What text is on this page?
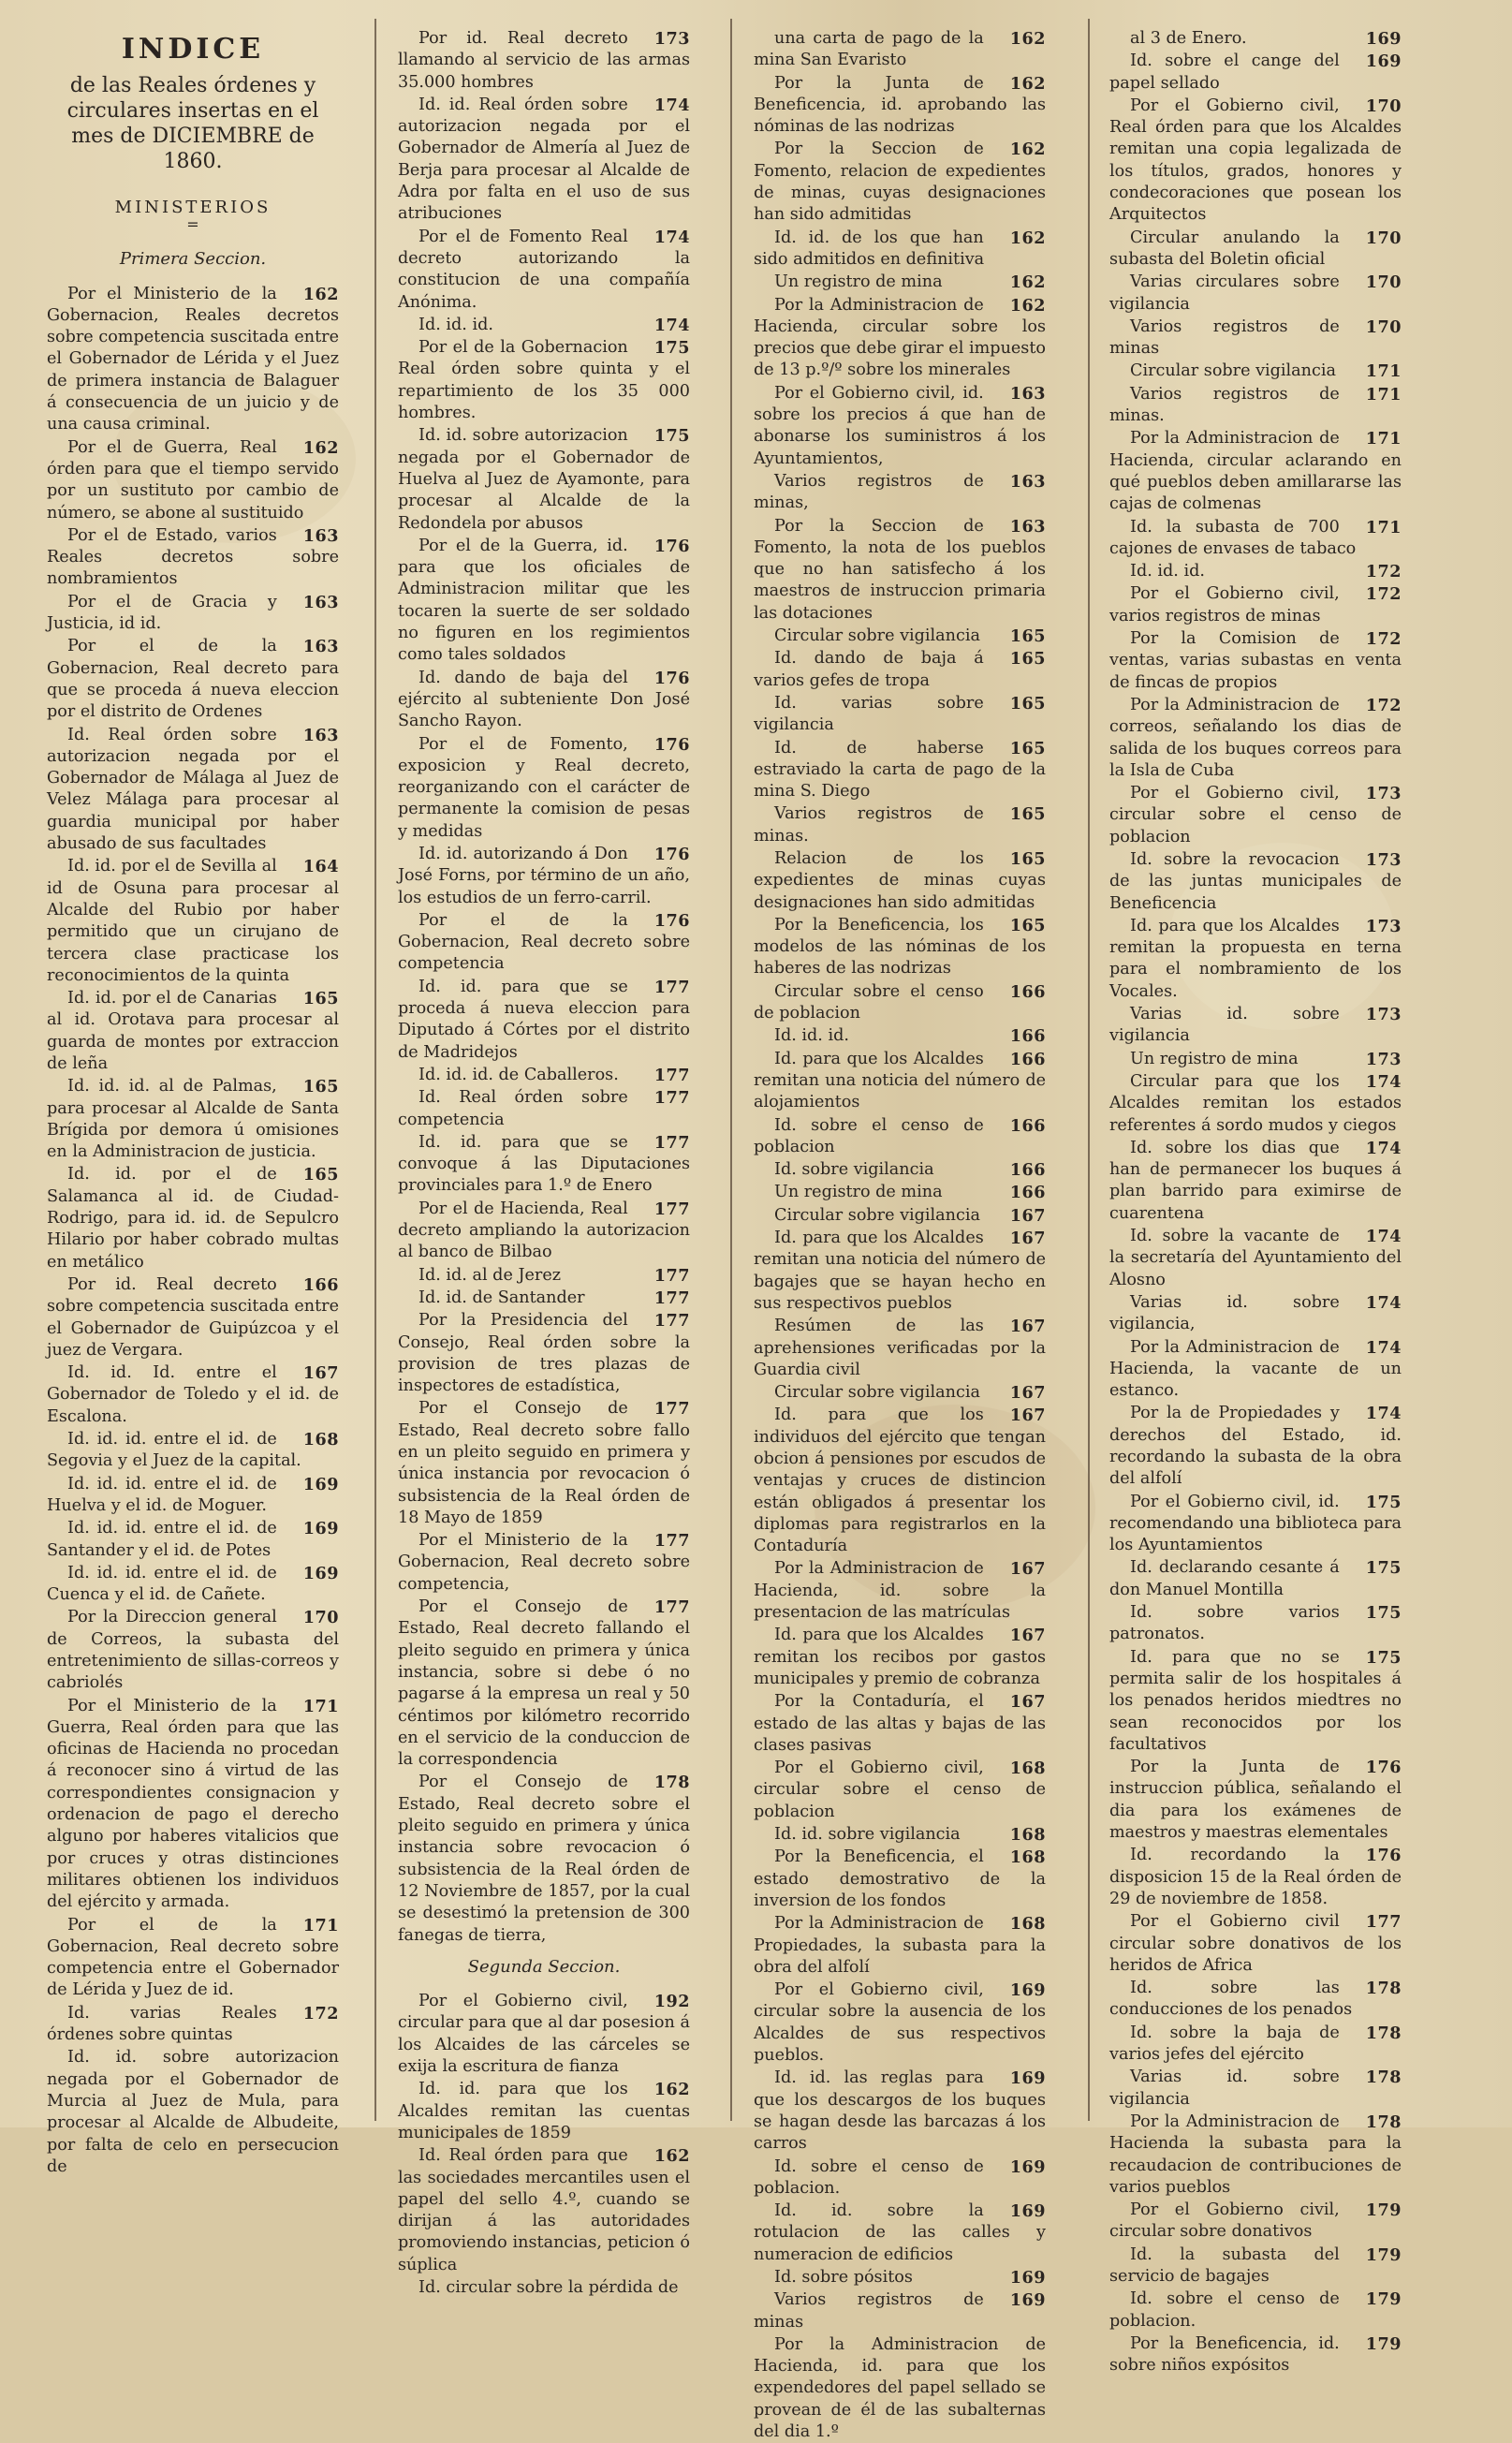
INDICE
de las Reales órdenes y circulares insertas en el mes de DICIEMBRE de 1860.
MINISTERIOS
=
Primera Seccion.
162
Por el Ministerio de la Gobernacion, Reales decretos sobre competencia suscitada entre el Gobernador de Lérida y el Juez de primera instancia de Balaguer á consecuencia de un juicio y de una causa criminal.
162
Por el de Guerra, Real órden para que el tiempo servido por un sustituto por cambio de número, se abone al sustituido
163
Por el de Estado, varios Reales decretos sobre nombramientos
163
Por el de Gracia y Justicia, id id.
163
Por el de la Gobernacion, Real decreto para que se proceda á nueva eleccion por el distrito de Ordenes
163
Id. Real órden sobre autorizacion negada por el Gobernador de Málaga al Juez de Velez Málaga para procesar al guardia municipal por haber abusado de sus facultades
164
Id. id. por el de Sevilla al id de Osuna para procesar al Alcalde del Rubio por haber permitido que un cirujano de tercera clase practicase los reconocimientos de la quinta
165
Id. id. por el de Canarias al id. Orotava para procesar al guarda de montes por extraccion de leña
165
Id. id. id. al de Palmas, para procesar al Alcalde de Santa Brígida por demora ú omisiones en la Administracion de justicia.
165
Id. id. por el de Salamanca al id. de Ciudad-Rodrigo, para id. id. de Sepulcro Hilario por haber cobrado multas en metálico
166
Por id. Real decreto sobre competencia suscitada entre el Gobernador de Guipúzcoa y el juez de Vergara.
167
Id. id. Id. entre el Gobernador de Toledo y el id. de Escalona.
168
Id. id. id. entre el id. de Segovia y el Juez de la capital.
169
Id. id. id. entre el id. de Huelva y el id. de Moguer.
169
Id. id. id. entre el id. de Santander y el id. de Potes
169
Id. id. id. entre el id. de Cuenca y el id. de Cañete.
170
Por la Direccion general de Correos, la subasta del entretenimiento de sillas-correos y cabriolés
171
Por el Ministerio de la Guerra, Real órden para que las oficinas de Hacienda no procedan á reconocer sino á virtud de las correspondientes consignacion y ordenacion de pago el derecho alguno por haberes vitalicios que por cruces y otras distinciones militares obtienen los individuos del ejército y armada.
171
Por el de la Gobernacion, Real decreto sobre competencia entre el Gobernador de Lérida y Juez de id.
172
Id. varias Reales órdenes sobre quintas
Id. id. sobre autorizacion negada por el Gobernador de Murcia al Juez de Mula, para procesar al Alcalde de Albudeite, por falta de celo en persecucion de
173
Por id. Real decreto llamando al servicio de las armas 35.000 hombres
174
Id. id. Real órden sobre autorizacion negada por el Gobernador de Almería al Juez de Berja para procesar al Alcalde de Adra por falta en el uso de sus atribuciones
174
Por el de Fomento Real decreto autorizando la constitucion de una compañía Anónima.
174
Id. id. id.
175
Por el de la Gobernacion Real órden sobre quinta y el repartimiento de los 35 000 hombres.
175
Id. id. sobre autorizacion negada por el Gobernador de Huelva al Juez de Ayamonte, para procesar al Alcalde de la Redondela por abusos
176
Por el de la Guerra, id. para que los oficiales de Administracion militar que les tocaren la suerte de ser soldado no figuren en los regimientos como tales soldados
176
Id. dando de baja del ejército al subteniente Don José Sancho Rayon.
176
Por el de Fomento, exposicion y Real decreto, reorganizando con el carácter de permanente la comision de pesas y medidas
176
Id. id. autorizando á Don José Forns, por término de un año, los estudios de un ferro-carril.
176
Por el de la Gobernacion, Real decreto sobre competencia
177
Id. id. para que se proceda á nueva eleccion para Diputado á Córtes por el distrito de Madridejos
177
Id. id. id. de Caballeros.
177
Id. Real órden sobre competencia
177
Id. id. para que se convoque á las Diputaciones provinciales para 1.º de Enero
177
Por el de Hacienda, Real decreto ampliando la autorizacion al banco de Bilbao
177
Id. id. al de Jerez
177
Id. id. de Santander
177
Por la Presidencia del Consejo, Real órden sobre la provision de tres plazas de inspectores de estadística,
177
Por el Consejo de Estado, Real decreto sobre fallo en un pleito seguido en primera y única instancia por revocacion ó subsistencia de la Real órden de 18 Mayo de 1859
177
Por el Ministerio de la Gobernacion, Real decreto sobre competencia,
177
Por el Consejo de Estado, Real decreto fallando el pleito seguido en primera y única instancia, sobre si debe ó no pagarse á la empresa un real y 50 céntimos por kilómetro recorrido en el servicio de la conduccion de la correspondencia
178
Por el Consejo de Estado, Real decreto sobre el pleito seguido en primera y única instancia sobre revocacion ó subsistencia de la Real órden de 12 Noviembre de 1857, por la cual se desestimó la pretension de 300 fanegas de tierra,
Segunda Seccion.
192
Por el Gobierno civil, circular para que al dar posesion á los Alcaides de las cárceles se exija la escritura de fianza
162
Id. id. para que los Alcaldes remitan las cuentas municipales de 1859
162
Id. Real órden para que las sociedades mercantiles usen el papel del sello 4.º, cuando se dirijan á las autoridades promoviendo instancias, peticion ó súplica
Id. circular sobre la pérdida de
162
una carta de pago de la mina San Evaristo
162
Por la Junta de Beneficencia, id. aprobando las nóminas de las nodrizas
162
Por la Seccion de Fomento, relacion de expedientes de minas, cuyas designaciones han sido admitidas
162
Id. id. de los que han sido admitidos en definitiva
162
Un registro de mina
162
Por la Administracion de Hacienda, circular sobre los precios que debe girar el impuesto de 13 p.º/º sobre los minerales
163
Por el Gobierno civil, id. sobre los precios á que han de abonarse los suministros á los Ayuntamientos,
163
Varios registros de minas,
163
Por la Seccion de Fomento, la nota de los pueblos que no han satisfecho á los maestros de instruccion primaria las dotaciones
165
Circular sobre vigilancia
165
Id. dando de baja á varios gefes de tropa
165
Id. varias sobre vigilancia
165
Id. de haberse estraviado la carta de pago de la mina S. Diego
165
Varios registros de minas.
165
Relacion de los expedientes de minas cuyas designaciones han sido admitidas
165
Por la Beneficencia, los modelos de las nóminas de los haberes de las nodrizas
166
Circular sobre el censo de poblacion
166
Id. id. id.
166
Id. para que los Alcaldes remitan una noticia del número de alojamientos
166
Id. sobre el censo de poblacion
166
Id. sobre vigilancia
166
Un registro de mina
167
Circular sobre vigilancia
167
Id. para que los Alcaldes remitan una noticia del número de bagajes que se hayan hecho en sus respectivos pueblos
167
Resúmen de las aprehensiones verificadas por la Guardia civil
167
Circular sobre vigilancia
167
Id. para que los individuos del ejército que tengan obcion á pensiones por escudos de ventajas y cruces de distincion están obligados á presentar los diplomas para registrarlos en la Contaduría
167
Por la Administracion de Hacienda, id. sobre la presentacion de las matrículas
167
Id. para que los Alcaldes remitan los recibos por gastos municipales y premio de cobranza
167
Por la Contaduría, el estado de las altas y bajas de las clases pasivas
168
Por el Gobierno civil, circular sobre el censo de poblacion
168
Id. id. sobre vigilancia
168
Por la Beneficencia, el estado demostrativo de la inversion de los fondos
168
Por la Administracion de Propiedades, la subasta para la obra del alfolí
169
Por el Gobierno civil, circular sobre la ausencia de los Alcaldes de sus respectivos pueblos.
169
Id. id. las reglas para que los descargos de los buques se hagan desde las barcazas á los carros
169
Id. sobre el censo de poblacion.
169
Id. id. sobre la rotulacion de las calles y numeracion de edificios
169
Id. sobre pósitos
169
Varios registros de minas
Por la Administracion de Hacienda, id. para que los expendedores del papel sellado se provean de él de las subalternas del dia 1.º
169
al 3 de Enero.
169
Id. sobre el cange del papel sellado
170
Por el Gobierno civil, Real órden para que los Alcaldes remitan una copia legalizada de los títulos, grados, honores y condecoraciones que posean los Arquitectos
170
Circular anulando la subasta del Boletin oficial
170
Varias circulares sobre vigilancia
170
Varios registros de minas
171
Circular sobre vigilancia
171
Varios registros de minas.
171
Por la Administracion de Hacienda, circular aclarando en qué pueblos deben amillararse las cajas de colmenas
171
Id. la subasta de 700 cajones de envases de tabaco
172
Id. id. id.
172
Por el Gobierno civil, varios registros de minas
172
Por la Comision de ventas, varias subastas en venta de fincas de propios
172
Por la Administracion de correos, señalando los dias de salida de los buques correos para la Isla de Cuba
173
Por el Gobierno civil, circular sobre el censo de poblacion
173
Id. sobre la revocacion de las juntas municipales de Beneficencia
173
Id. para que los Alcaldes remitan la propuesta en terna para el nombramiento de los Vocales.
173
Varias id. sobre vigilancia
173
Un registro de mina
174
Circular para que los Alcaldes remitan los estados referentes á sordo mudos y ciegos
174
Id. sobre los dias que han de permanecer los buques á plan barrido para eximirse de cuarentena
174
Id. sobre la vacante de la secretaría del Ayuntamiento del Alosno
174
Varias id. sobre vigilancia,
174
Por la Administracion de Hacienda, la vacante de un estanco.
174
Por la de Propiedades y derechos del Estado, id. recordando la subasta de la obra del alfolí
175
Por el Gobierno civil, id. recomendando una biblioteca para los Ayuntamientos
175
Id. declarando cesante á don Manuel Montilla
175
Id. sobre varios patronatos.
175
Id. para que no se permita salir de los hospitales á los penados heridos miedtres no sean reconocidos por los facultativos
176
Por la Junta de instruccion pública, señalando el dia para los exámenes de maestros y maestras elementales
176
Id. recordando la disposicion 15 de la Real órden de 29 de noviembre de 1858.
177
Por el Gobierno civil circular sobre donativos de los heridos de Africa
178
Id. sobre las conducciones de los penados
178
Id. sobre la baja de varios jefes del ejército
178
Varias id. sobre vigilancia
178
Por la Administracion de Hacienda la subasta para la recaudacion de contribuciones de varios pueblos
179
Por el Gobierno civil, circular sobre donativos
179
Id. la subasta del servicio de bagajes
179
Id. sobre el censo de poblacion.
179
Por la Beneficencia, id. sobre niños expósitos
